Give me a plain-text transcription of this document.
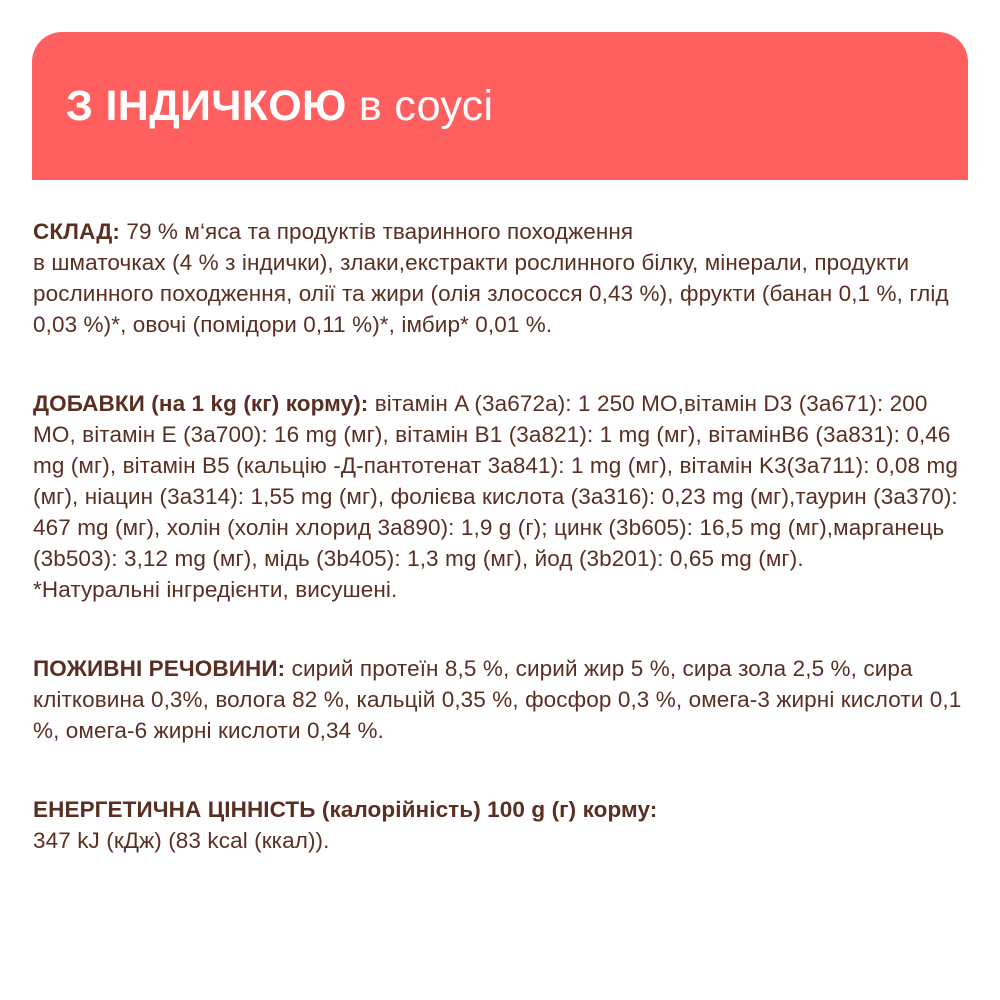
З ІНДИЧКОЮ в соусі

СКЛАД: 79 % м‘яса та продуктів тваринного походження
в шматочках (4 % з індички), злаки,екстракти рослинного білку, мінерали, продукти рослинного походження, олії та жири (олія злососся 0,43 %), фрукти (банан 0,1 %, глід 0,03 %)*, овочі (помідори 0,11 %)*, імбир* 0,01 %.

ДОБАВКИ (на 1 kg (кг) корму): вітамін A (3a672a): 1 250 МО,вітамін D3 (3a671): 200 МО, вітамін E (3a700): 16 mg (мг), вітамін B1 (3a821): 1 mg (мг), вітамінB6 (3a831): 0,46 mg (мг), вітамін B5 (кальцію -Д-пантотенат 3a841): 1 mg (мг), вітамін K3(3a711): 0,08 mg (мг), ніацин (3a314): 1,55 mg (мг), фолієва кислота (3a316): 0,23 mg (мг),таурин (3a370): 467 mg (мг), холін (холін хлорид 3a890): 1,9 g (г); цинк (3b605): 16,5 mg (мг),марганець (3b503): 3,12 mg (мг), мідь (3b405): 1,3 mg (мг), йод (3b201): 0,65 mg (мг).
*Натуральні інгредієнти, висушені.

ПОЖИВНІ РЕЧОВИНИ: сирий протеїн 8,5 %, сирий жир 5 %, сира зола 2,5 %, сира клітковина 0,3%, волога 82 %, кальцій 0,35 %, фосфор 0,3 %, омега-3 жирні кислоти 0,1 %, омега-6 жирні кислоти 0,34 %.

ЕНЕРГЕТИЧНА ЦІННІСТЬ (калорійність) 100 g (г) корму:
347 kJ (кДж) (83 kcal (ккал)).
